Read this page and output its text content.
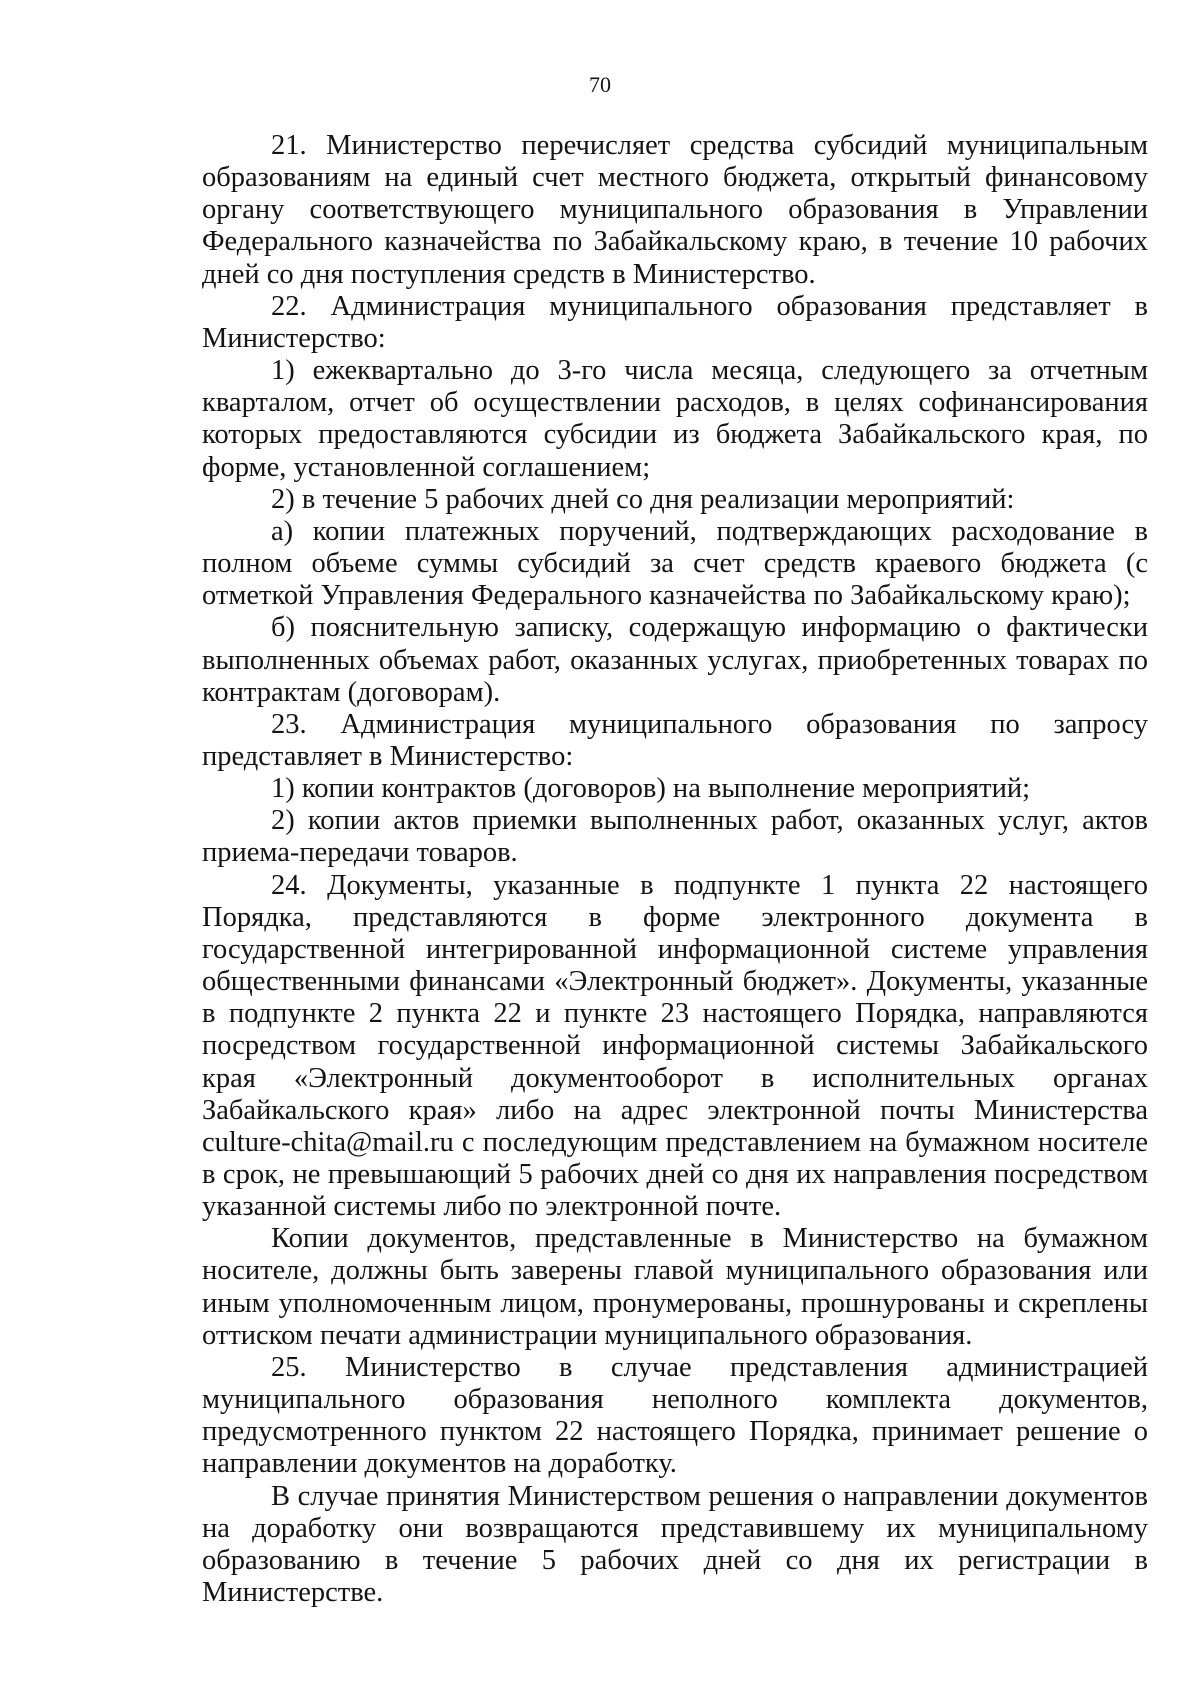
70

21. Министерство перечисляет средства субсидий муниципальным образованиям на единый счет местного бюджета, открытый финансовому органу соответствующего муниципального образования в Управлении Федерального казначейства по Забайкальскому краю, в течение 10 рабочих дней со дня поступления средств в Министерство.

22. Администрация муниципального образования представляет в Министерство:

1) ежеквартально до 3-го числа месяца, следующего за отчетным кварталом, отчет об осуществлении расходов, в целях софинансирования которых предоставляются субсидии из бюджета Забайкальского края, по форме, установленной соглашением;

2) в течение 5 рабочих дней со дня реализации мероприятий:

а) копии платежных поручений, подтверждающих расходование в полном объеме суммы субсидий за счет средств краевого бюджета (с отметкой Управления Федерального казначейства по Забайкальскому краю);

б) пояснительную записку, содержащую информацию о фактически выполненных объемах работ, оказанных услугах, приобретенных товарах по контрактам (договорам).

23. Администрация муниципального образования по запросу представляет в Министерство:

1) копии контрактов (договоров) на выполнение мероприятий;

2) копии актов приемки выполненных работ, оказанных услуг, актов приема-передачи товаров.

24. Документы, указанные в подпункте 1 пункта 22 настоящего Порядка, представляются в форме электронного документа в государственной интегрированной информационной системе управления общественными финансами «Электронный бюджет». Документы, указанные в подпункте 2 пункта 22 и пункте 23 настоящего Порядка, направляются посредством государственной информационной системы Забайкальского края «Электронный документооборот в исполнительных органах Забайкальского края» либо на адрес электронной почты Министерства culture-chita@mail.ru с последующим представлением на бумажном носителе в срок, не превышающий 5 рабочих дней со дня их направления посредством указанной системы либо по электронной почте.

Копии документов, представленные в Министерство на бумажном носителе, должны быть заверены главой муниципального образования или иным уполномоченным лицом, пронумерованы, прошнурованы и скреплены оттиском печати администрации муниципального образования.

25. Министерство в случае представления администрацией муниципального образования неполного комплекта документов, предусмотренного пунктом 22 настоящего Порядка, принимает решение о направлении документов на доработку.

В случае принятия Министерством решения о направлении документов на доработку они возвращаются представившему их муниципальному образованию в течение 5 рабочих дней со дня их регистрации в Министерстве.
